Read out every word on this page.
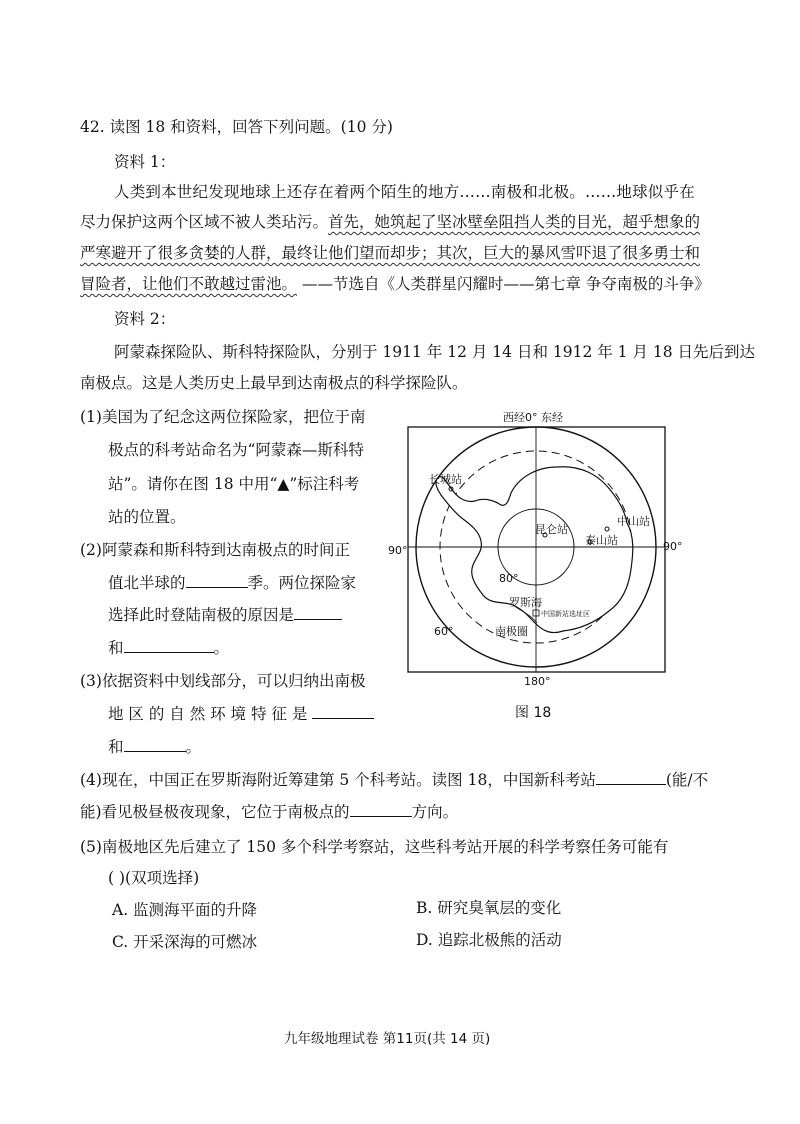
42. 读图 18 和资料，回答下列问题。(10 分)
资料 1：
人类到本世纪发现地球上还存在着两个陌生的地方……南极和北极。……地球似乎在
尽力保护这两个区域不被人类玷污。首先，她筑起了坚冰壁垒阻挡人类的目光，超乎想象的
严寒避开了很多贪婪的人群，最终让他们望而却步；其次，巨大的暴风雪吓退了很多勇士和
冒险者，让他们不敢越过雷池。 ——节选自《人类群星闪耀时——第七章 争夺南极的斗争》
资料 2：
阿蒙森探险队、斯科特探险队，分别于 1911 年 12 月 14 日和 1912 年 1 月 18 日先后到达
南极点。这是人类历史上最早到达南极点的科学探险队。
(1)美国为了纪念这两位探险家，把位于南
极点的科考站命名为“阿蒙森—斯科特
站”。请你在图 18 中用“▲”标注科考
站的位置。
(2)阿蒙森和斯科特到达南极点的时间正
值北半球的	季。两位探险家
选择此时登陆南极的原因是
和	。
(3)依据资料中划线部分，可以归纳出南极
地 区 的 自 然 环 境 特 征 是
和	。
西经0° 东经
180°
90°	90°
80°
60°
长城站
昆仑站
中山站
泰山站
罗斯海
中国新站选址区
南极圈
图 18
(4)现在，中国正在罗斯海附近筹建第 5 个科考站。读图 18，中国新科考站	(能/不
能)看见极昼极夜现象，它位于南极点的	方向。
(5)南极地区先后建立了 150 多个科学考察站，这些科考站开展的科学考察任务可能有
( )(双项选择)
A. 监测海平面的升降	B. 研究臭氧层的变化
C. 开采深海的可燃冰	D. 追踪北极熊的活动
九年级地理试卷 第11页(共 14 页)
